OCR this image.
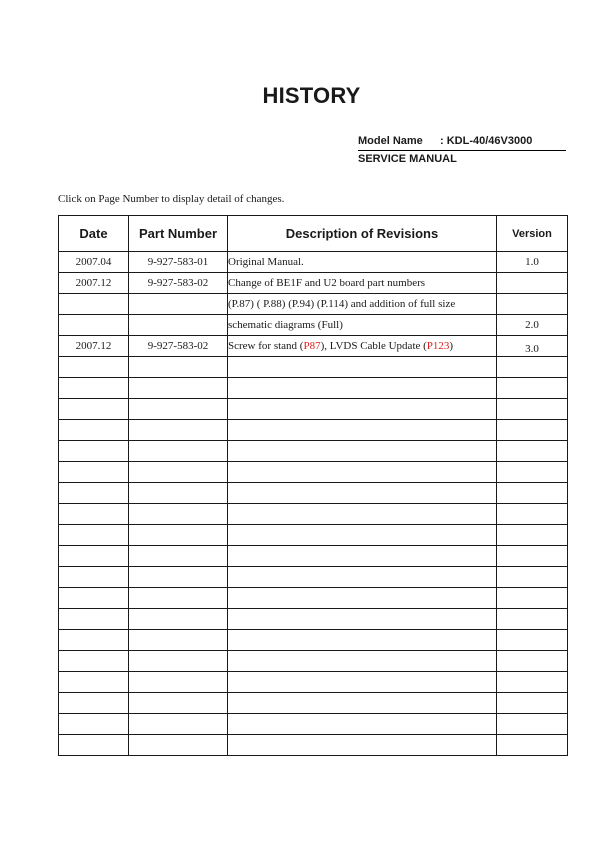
HISTORY
Model Name : KDL-40/46V3000
SERVICE MANUAL
Click on Page Number to display detail of changes.
Date	Part Number	Description of Revisions	Version
2007.04	9-927-583-01	Original Manual.	1.0
2007.12	9-927-583-02	Change of BE1F and U2 board part numbers	
		(P.87) ( P.88) (P.94) (P.114) and addition of full size	
		schematic diagrams (Full)	2.0
2007.12	9-927-583-02	Screw for stand (P87), LVDS Cable Update (P123)	3.0
